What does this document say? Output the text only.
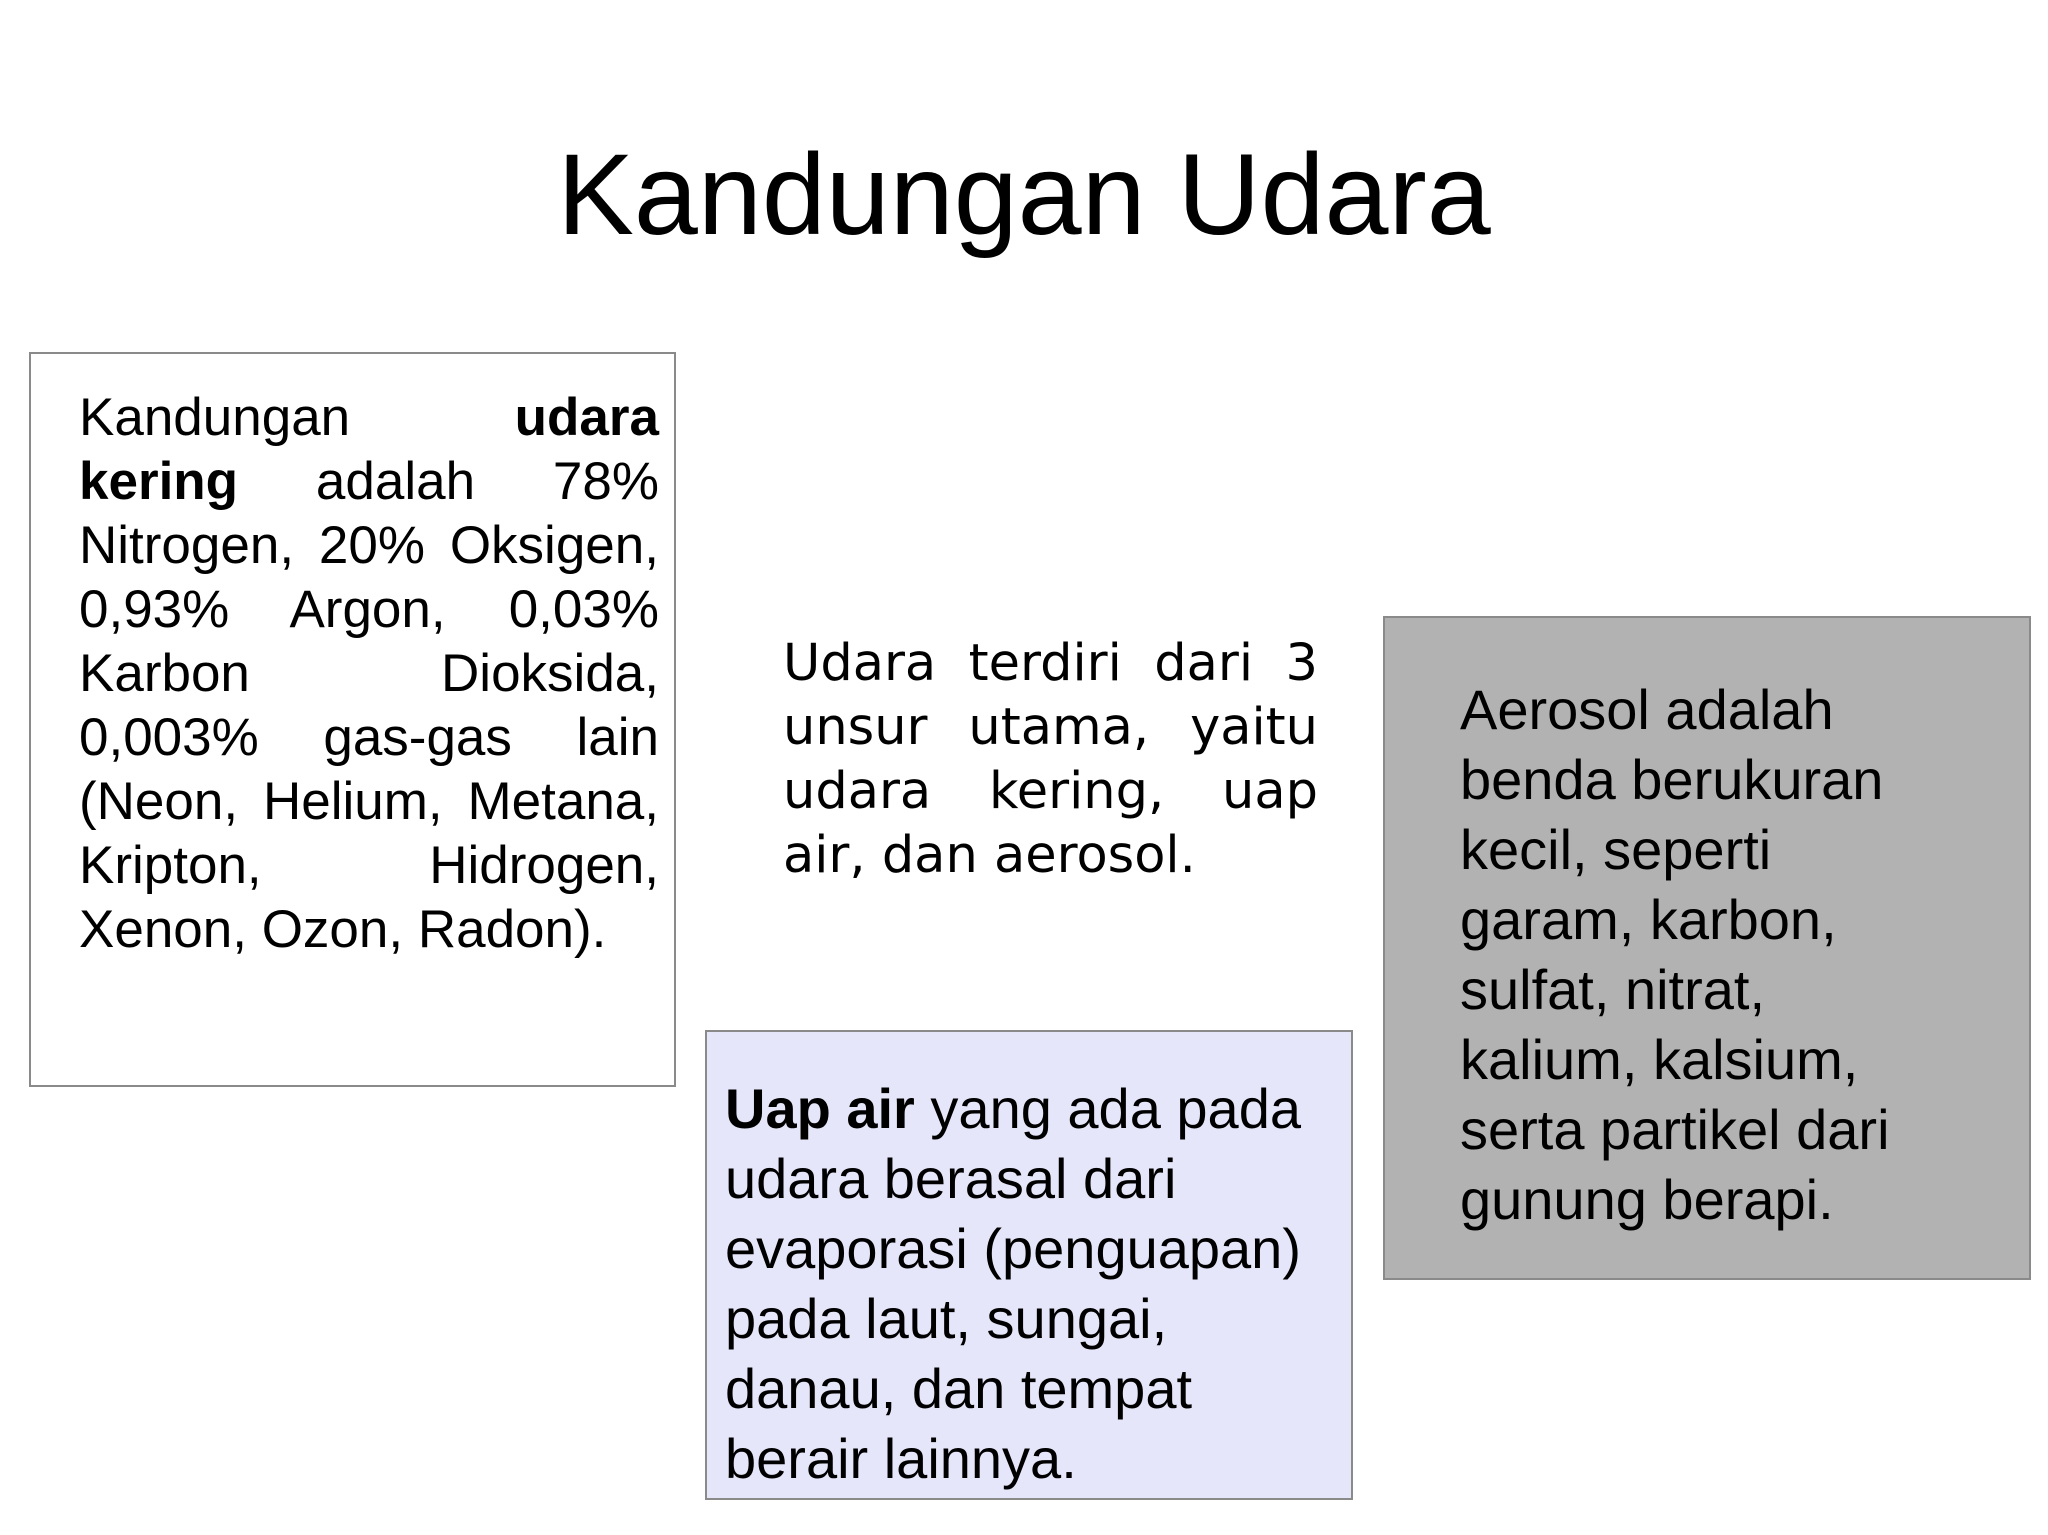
Kandungan Udara
Kandungan	udara kering adalah 78% Nitrogen, 20% Oksigen, 0,93% Argon, 0,03% Karbon Dioksida, 0,003% gas-gas lain (Neon, Helium, Metana, Kripton, Hidrogen, Xenon, Ozon, Radon).
Udara terdiri dari 3 unsur utama, yaitu udara kering, uap air, dan aerosol.
Uap air yang ada pada
udara berasal dari
evaporasi (penguapan)
pada laut, sungai,
danau, dan tempat
berair lainnya.
Aerosol adalah
benda berukuran
kecil, seperti
garam, karbon,
sulfat, nitrat,
kalium, kalsium,
serta partikel dari
gunung berapi.
